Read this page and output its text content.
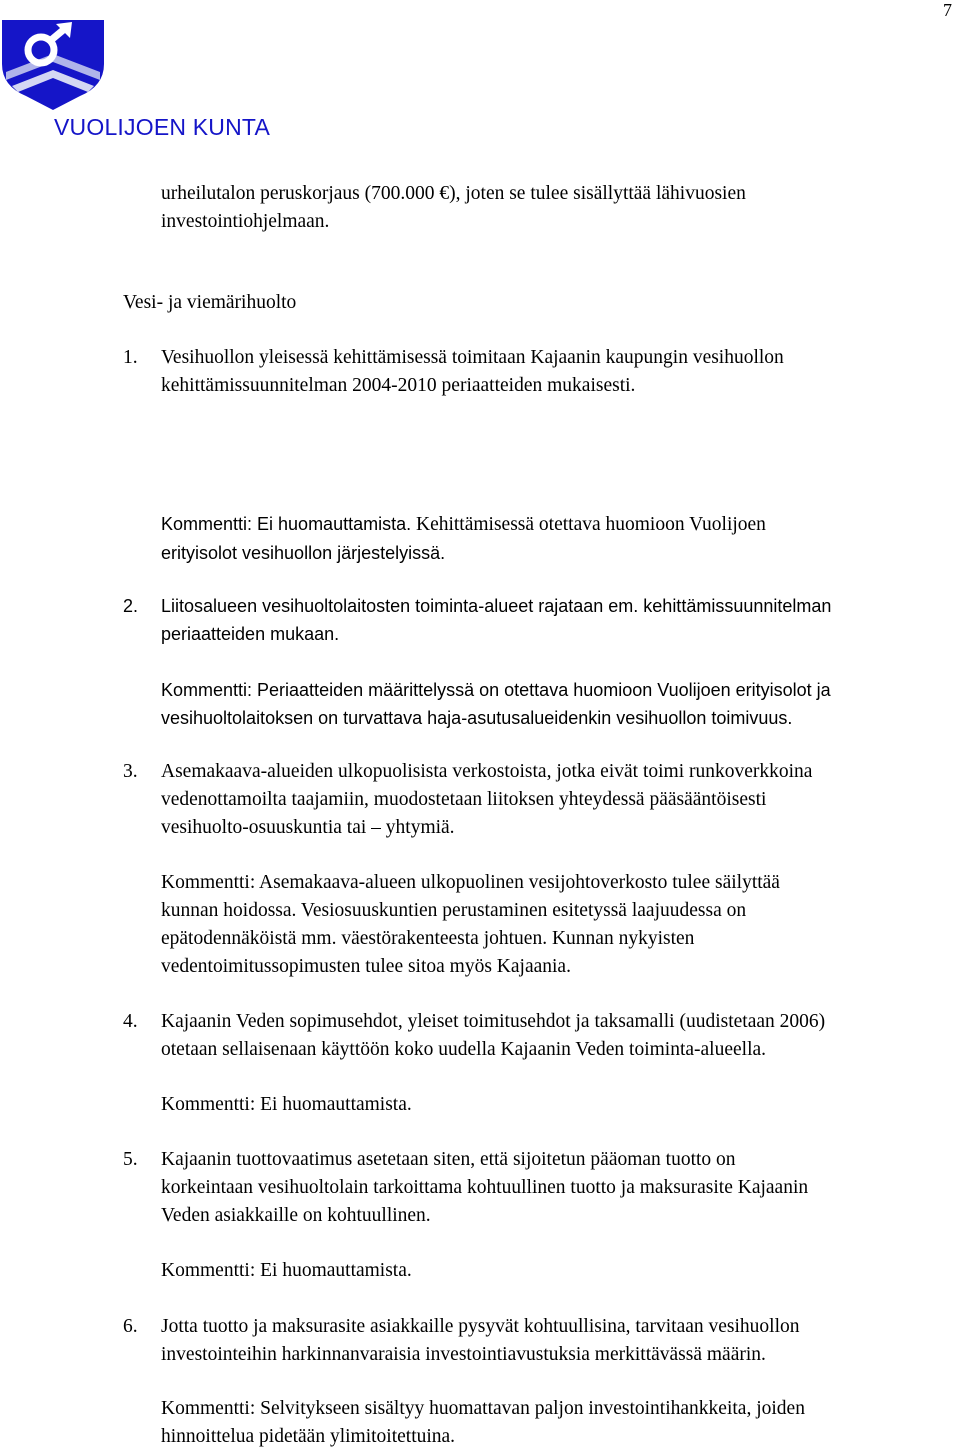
7
VUOLIJOEN KUNTA
urheilutalon peruskorjaus (700.000 €), joten se tulee sisällyttää lähivuosien
investointiohjelmaan.
Vesi- ja viemärihuolto
1. Vesihuollon yleisessä kehittämisessä toimitaan Kajaanin kaupungin vesihuollon
kehittämissuunnitelman 2004-2010 periaatteiden mukaisesti.
Kommentti: Ei huomauttamista. Kehittämisessä otettava huomioon Vuolijoen
erityisolot vesihuollon järjestelyissä.
2. Liitosalueen vesihuoltolaitosten toiminta-alueet rajataan em. kehittämissuunnitelman
periaatteiden mukaan.
Kommentti: Periaatteiden määrittelyssä on otettava huomioon Vuolijoen erityisolot ja
vesihuoltolaitoksen on turvattava haja-asutusalueidenkin vesihuollon toimivuus.
3. Asemakaava-alueiden ulkopuolisista verkostoista, jotka eivät toimi runkoverkkoina
vedenottamoilta taajamiin, muodostetaan liitoksen yhteydessä pääsääntöisesti
vesihuolto-osuuskuntia tai – yhtymiä.
Kommentti: Asemakaava-alueen ulkopuolinen vesijohtoverkosto tulee säilyttää
kunnan hoidossa. Vesiosuuskuntien perustaminen esitetyssä laajuudessa on
epätodennäköistä mm. väestörakenteesta johtuen. Kunnan nykyisten
vedentoimitussopimusten tulee sitoa myös Kajaania.
4. Kajaanin Veden sopimusehdot, yleiset toimitusehdot ja taksamalli (uudistetaan 2006)
otetaan sellaisenaan käyttöön koko uudella Kajaanin Veden toiminta-alueella.
Kommentti: Ei huomauttamista.
5. Kajaanin tuottovaatimus asetetaan siten, että sijoitetun pääoman tuotto on
korkeintaan vesihuoltolain tarkoittama kohtuullinen tuotto ja maksurasite Kajaanin
Veden asiakkaille on kohtuullinen.
Kommentti: Ei huomauttamista.
6. Jotta tuotto ja maksurasite asiakkaille pysyvät kohtuullisina, tarvitaan vesihuollon
investointeihin harkinnanvaraisia investointiavustuksia merkittävässä määrin.
Kommentti: Selvitykseen sisältyy huomattavan paljon investointihankkeita, joiden
hinnoittelua pidetään ylimitoitettuina.
